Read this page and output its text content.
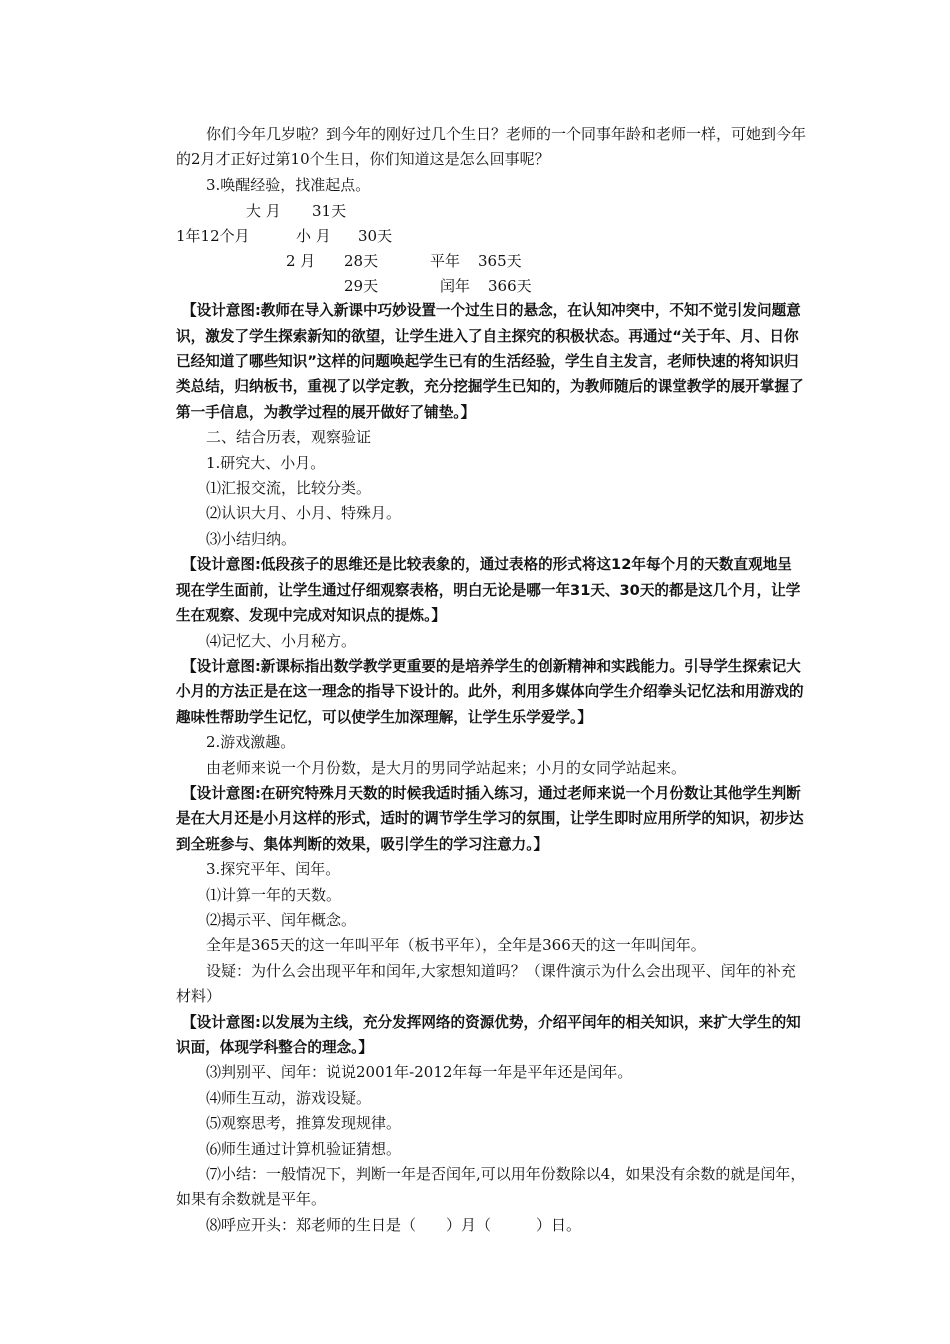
你们今年几岁啦？到今年的刚好过几个生日？老师的一个同事年龄和老师一样，可她到今年的2月才正好过第10个生日，你们知道这是怎么回事呢？

3.唤醒经验，找准起点。

大 月 31天
1年12个月	小 月 30天
2 月 28天	平年 365天
29天	闰年 366天

【设计意图:教师在导入新课中巧妙设置一个过生日的悬念，在认知冲突中，不知不觉引发问题意识，激发了学生探索新知的欲望，让学生进入了自主探究的积极状态。再通过“关于年、月、日你已经知道了哪些知识”这样的问题唤起学生已有的生活经验，学生自主发言，老师快速的将知识归类总结，归纳板书，重视了以学定教，充分挖掘学生已知的，为教师随后的课堂教学的展开掌握了第一手信息，为教学过程的展开做好了铺垫。】

二、结合历表，观察验证

1.研究大、小月。

⑴汇报交流，比较分类。

⑵认识大月、小月、特殊月。

⑶小结归纳。

【设计意图:低段孩子的思维还是比较表象的，通过表格的形式将这12年每个月的天数直观地呈现在学生面前，让学生通过仔细观察表格，明白无论是哪一年31天、30天的都是这几个月，让学生在观察、发现中完成对知识点的提炼。】

⑷记忆大、小月秘方。

【设计意图:新课标指出数学教学更重要的是培养学生的创新精神和实践能力。引导学生探索记大小月的方法正是在这一理念的指导下设计的。此外，利用多媒体向学生介绍拳头记忆法和用游戏的趣味性帮助学生记忆，可以使学生加深理解，让学生乐学爱学。】

2.游戏激趣。

由老师来说一个月份数，是大月的男同学站起来；小月的女同学站起来。

【设计意图:在研究特殊月天数的时候我适时插入练习，通过老师来说一个月份数让其他学生判断是在大月还是小月这样的形式，适时的调节学生学习的氛围，让学生即时应用所学的知识，初步达到全班参与、集体判断的效果，吸引学生的学习注意力。】

3.探究平年、闰年。

⑴计算一年的天数。

⑵揭示平、闰年概念。

全年是365天的这一年叫平年（板书平年），全年是366天的这一年叫闰年。

设疑：为什么会出现平年和闰年,大家想知道吗？（课件演示为什么会出现平、闰年的补充材料）

【设计意图:以发展为主线，充分发挥网络的资源优势，介绍平闰年的相关知识，来扩大学生的知识面，体现学科整合的理念。】

⑶判别平、闰年：说说2001年-2012年每一年是平年还是闰年。

⑷师生互动，游戏设疑。

⑸观察思考，推算发现规律。

⑹师生通过计算机验证猜想。

⑺小结：一般情况下，判断一年是否闰年,可以用年份数除以4，如果没有余数的就是闰年，如果有余数就是平年。

⑻呼应开头：郑老师的生日是（　　）月（　　　）日。
